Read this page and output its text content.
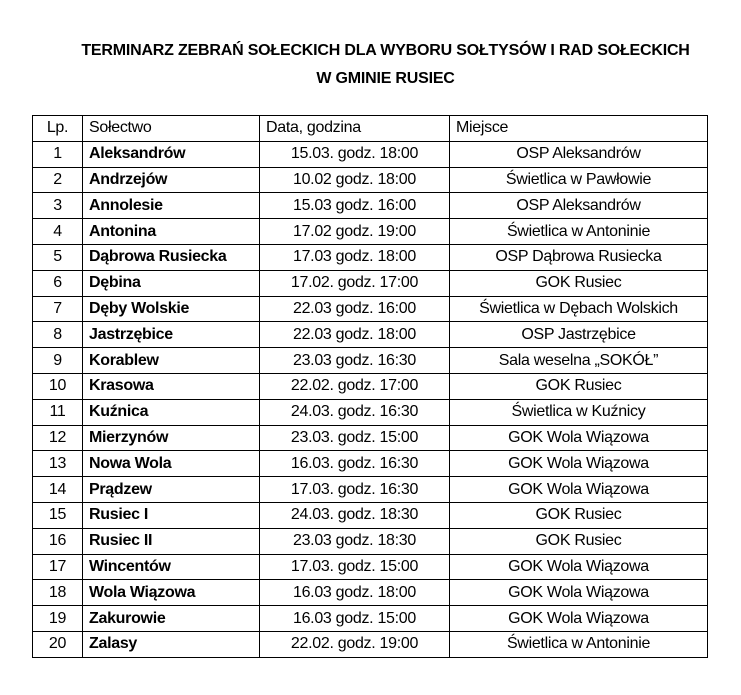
TERMINARZ ZEBRAŃ SOŁECKICH DLA WYBORU SOŁTYSÓW I RAD SOŁECKICH
W GMINIE RUSIEC
Lp.	Sołectwo	Data, godzina	Miejsce
1	Aleksandrów	15.03. godz. 18:00	OSP Aleksandrów
2	Andrzejów	10.02 godz. 18:00	Świetlica w Pawłowie
3	Annolesie	15.03 godz. 16:00	OSP Aleksandrów
4	Antonina	17.02 godz. 19:00	Świetlica w Antoninie
5	Dąbrowa Rusiecka	17.03 godz. 18:00	OSP Dąbrowa Rusiecka
6	Dębina	17.02. godz. 17:00	GOK Rusiec
7	Dęby Wolskie	22.03 godz. 16:00	Świetlica w Dębach Wolskich
8	Jastrzębice	22.03 godz. 18:00	OSP Jastrzębice
9	Korablew	23.03 godz. 16:30	Sala weselna „SOKÓŁ”
10	Krasowa	22.02. godz. 17:00	GOK Rusiec
11	Kuźnica	24.03. godz. 16:30	Świetlica w Kuźnicy
12	Mierzynów	23.03. godz. 15:00	GOK Wola Wiązowa
13	Nowa Wola	16.03. godz. 16:30	GOK Wola Wiązowa
14	Prądzew	17.03. godz. 16:30	GOK Wola Wiązowa
15	Rusiec I	24.03. godz. 18:30	GOK Rusiec
16	Rusiec II	23.03 godz. 18:30	GOK Rusiec
17	Wincentów	17.03. godz. 15:00	GOK Wola Wiązowa
18	Wola Wiązowa	16.03 godz. 18:00	GOK Wola Wiązowa
19	Zakurowie	16.03 godz. 15:00	GOK Wola Wiązowa
20	Zalasy	22.02. godz. 19:00	Świetlica w Antoninie
